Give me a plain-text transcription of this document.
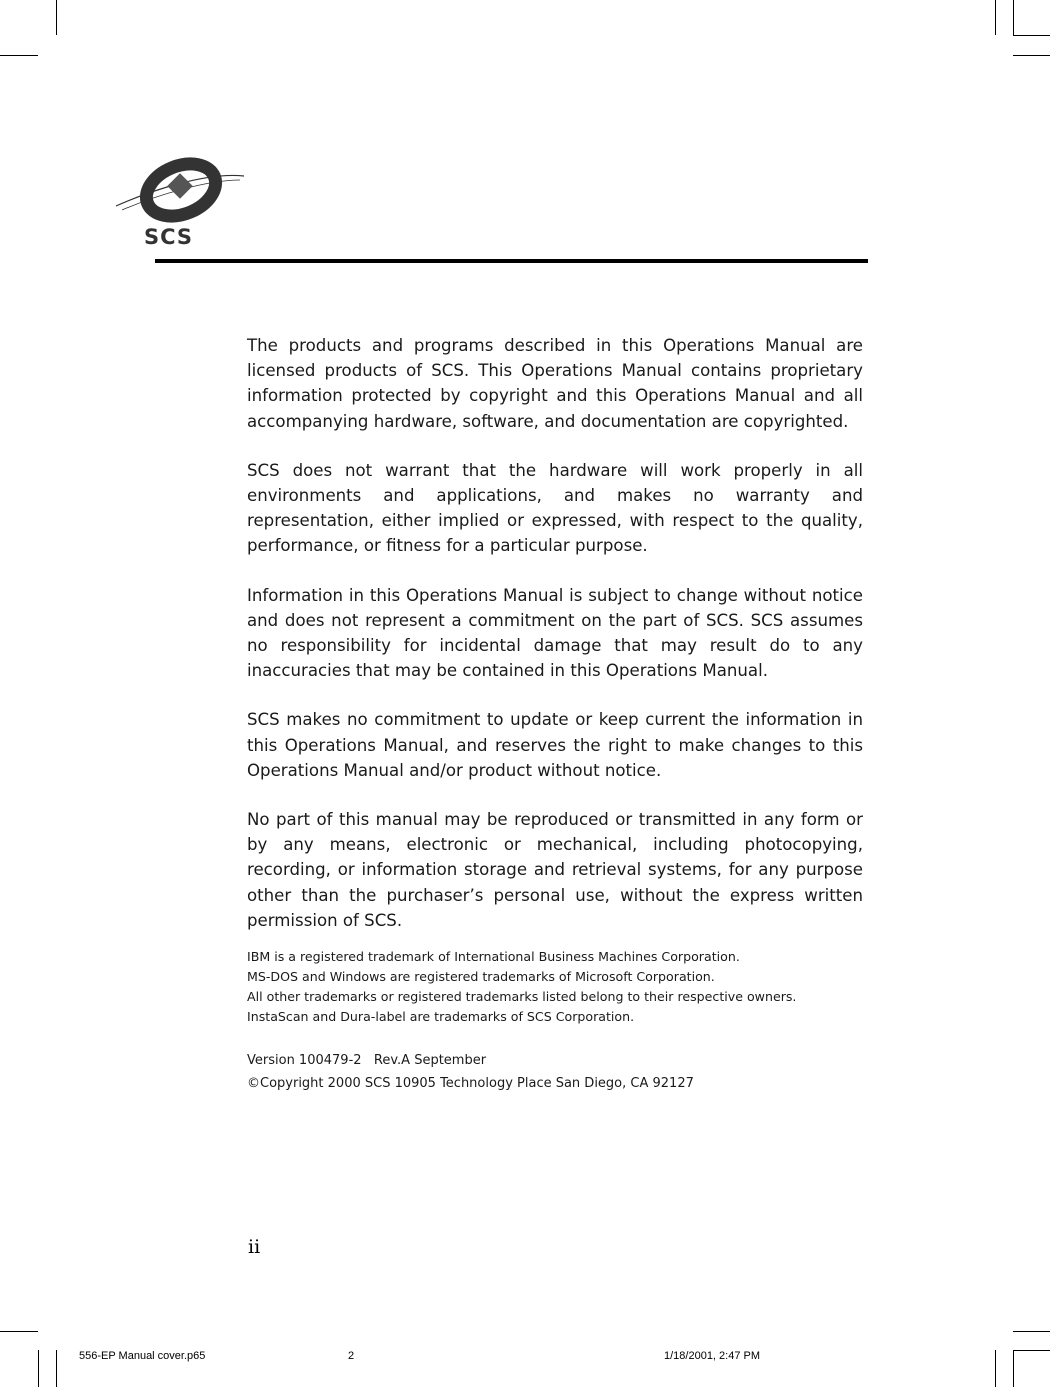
SCS

The products and programs described in this Operations Manual are licensed products of SCS. This Operations Manual contains proprietary information protected by copyright and this Operations Manual and all accompanying hardware, software, and documentation are copyrighted.

SCS does not warrant that the hardware will work properly in all environments and applications, and makes no warranty and representation, either implied or expressed, with respect to the quality, performance, or fitness for a particular purpose.

Information in this Operations Manual is subject to change without notice and does not represent a commitment on the part of SCS. SCS assumes no responsibility for incidental damage that may result do to any inaccuracies that may be contained in this Operations Manual.

SCS makes no commitment to update or keep current the information in this Operations Manual, and reserves the right to make changes to this Operations Manual and/or product without notice.

No part of this manual may be reproduced or transmitted in any form or by any means, electronic or mechanical, including photocopying, recording, or information storage and retrieval systems, for any purpose other than the purchaser’s personal use, without the express written permission of SCS.

IBM is a registered trademark of International Business Machines Corporation.

MS-DOS and Windows are registered trademarks of Microsoft Corporation.

All other trademarks or registered trademarks listed belong to their respective owners.

InstaScan and Dura-label are trademarks of SCS Corporation.

Version 100479-2   Rev.A September
©Copyright 2000 SCS 10905 Technology Place San Diego, CA 92127
ii
556-EP Manual cover.p65	2	1/18/2001, 2:47 PM
